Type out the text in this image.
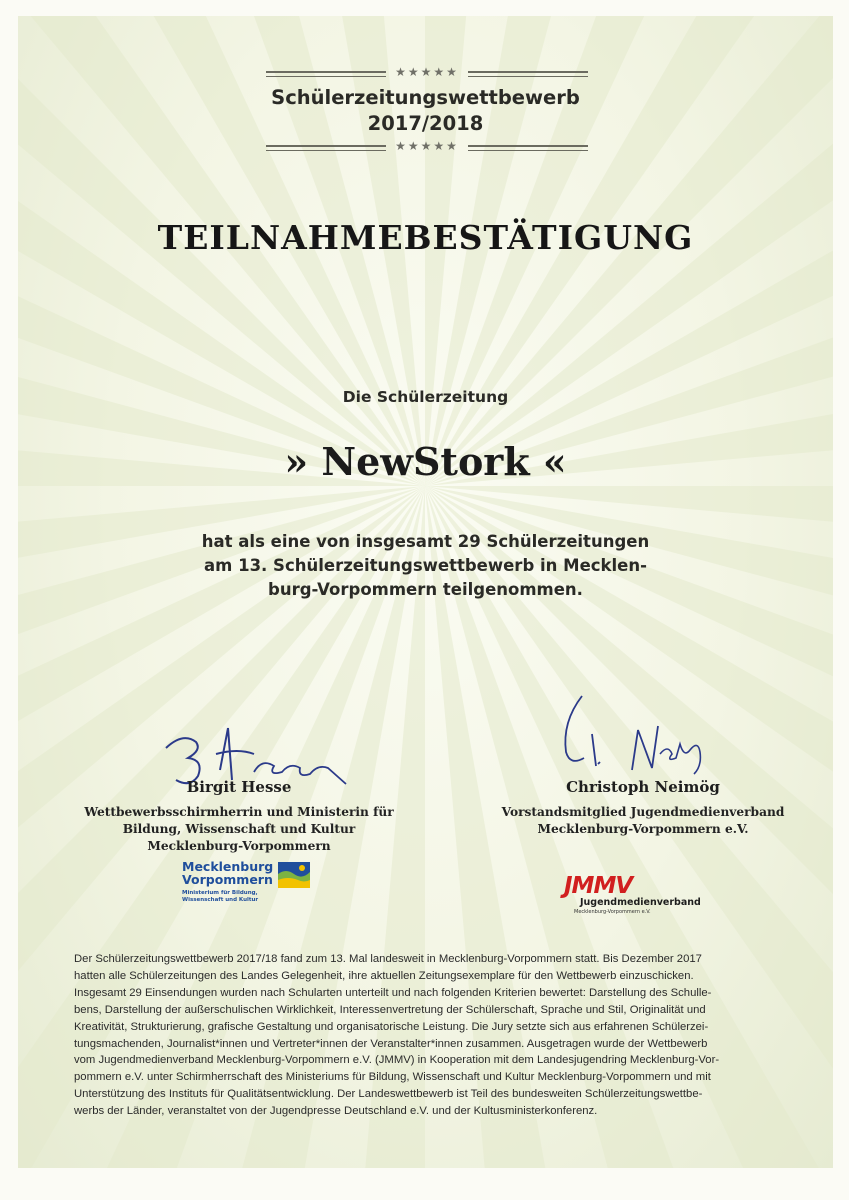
★★★★★
Schülerzeitungswettbewerb
2017/2018
★★★★★
TEILNAHMEBESTÄTIGUNG
Die Schülerzeitung
» NewStork «
hat als eine von insgesamt 29 Schülerzeitungen
am 13. Schülerzeitungswettbewerb in Mecklen-
burg-Vorpommern teilgenommen.
Birgit Hesse
Wettbewerbsschirmherrin und Ministerin für
Bildung, Wissenschaft und Kultur
Mecklenburg-Vorpommern
Mecklenburg
Vorpommern
Ministerium für Bildung,
Wissenschaft und Kultur
Christoph Neimög
Vorstandsmitglied Jugendmedienverband
Mecklenburg-Vorpommern e.V.
JMMV
Jugendmedienverband
Mecklenburg-Vorpommern e.V.
Der Schülerzeitungswettbewerb 2017/18 fand zum 13. Mal landesweit in Mecklenburg-Vorpommern statt. Bis Dezember 2017
hatten alle Schülerzeitungen des Landes Gelegenheit, ihre aktuellen Zeitungsexemplare für den Wettbewerb einzuschicken.
Insgesamt 29 Einsendungen wurden nach Schularten unterteilt und nach folgenden Kriterien bewertet: Darstellung des Schulle-
bens, Darstellung der außerschulischen Wirklichkeit, Interessenvertretung der Schülerschaft, Sprache und Stil, Originalität und
Kreativität, Strukturierung, grafische Gestaltung und organisatorische Leistung. Die Jury setzte sich aus erfahrenen Schülerzei-
tungsmachenden, Journalist*innen und Vertreter*innen der Veranstalter*innen zusammen. Ausgetragen wurde der Wettbewerb
vom Jugendmedienverband Mecklenburg-Vorpommern e.V. (JMMV) in Kooperation mit dem Landesjugendring Mecklenburg-Vor-
pommern e.V. unter Schirmherrschaft des Ministeriums für Bildung, Wissenschaft und Kultur Mecklenburg-Vorpommern und mit
Unterstützung des Instituts für Qualitätsentwicklung. Der Landeswettbewerb ist Teil des bundesweiten Schülerzeitungswettbe-
werbs der Länder, veranstaltet von der Jugendpresse Deutschland e.V. und der Kultusministerkonferenz.
